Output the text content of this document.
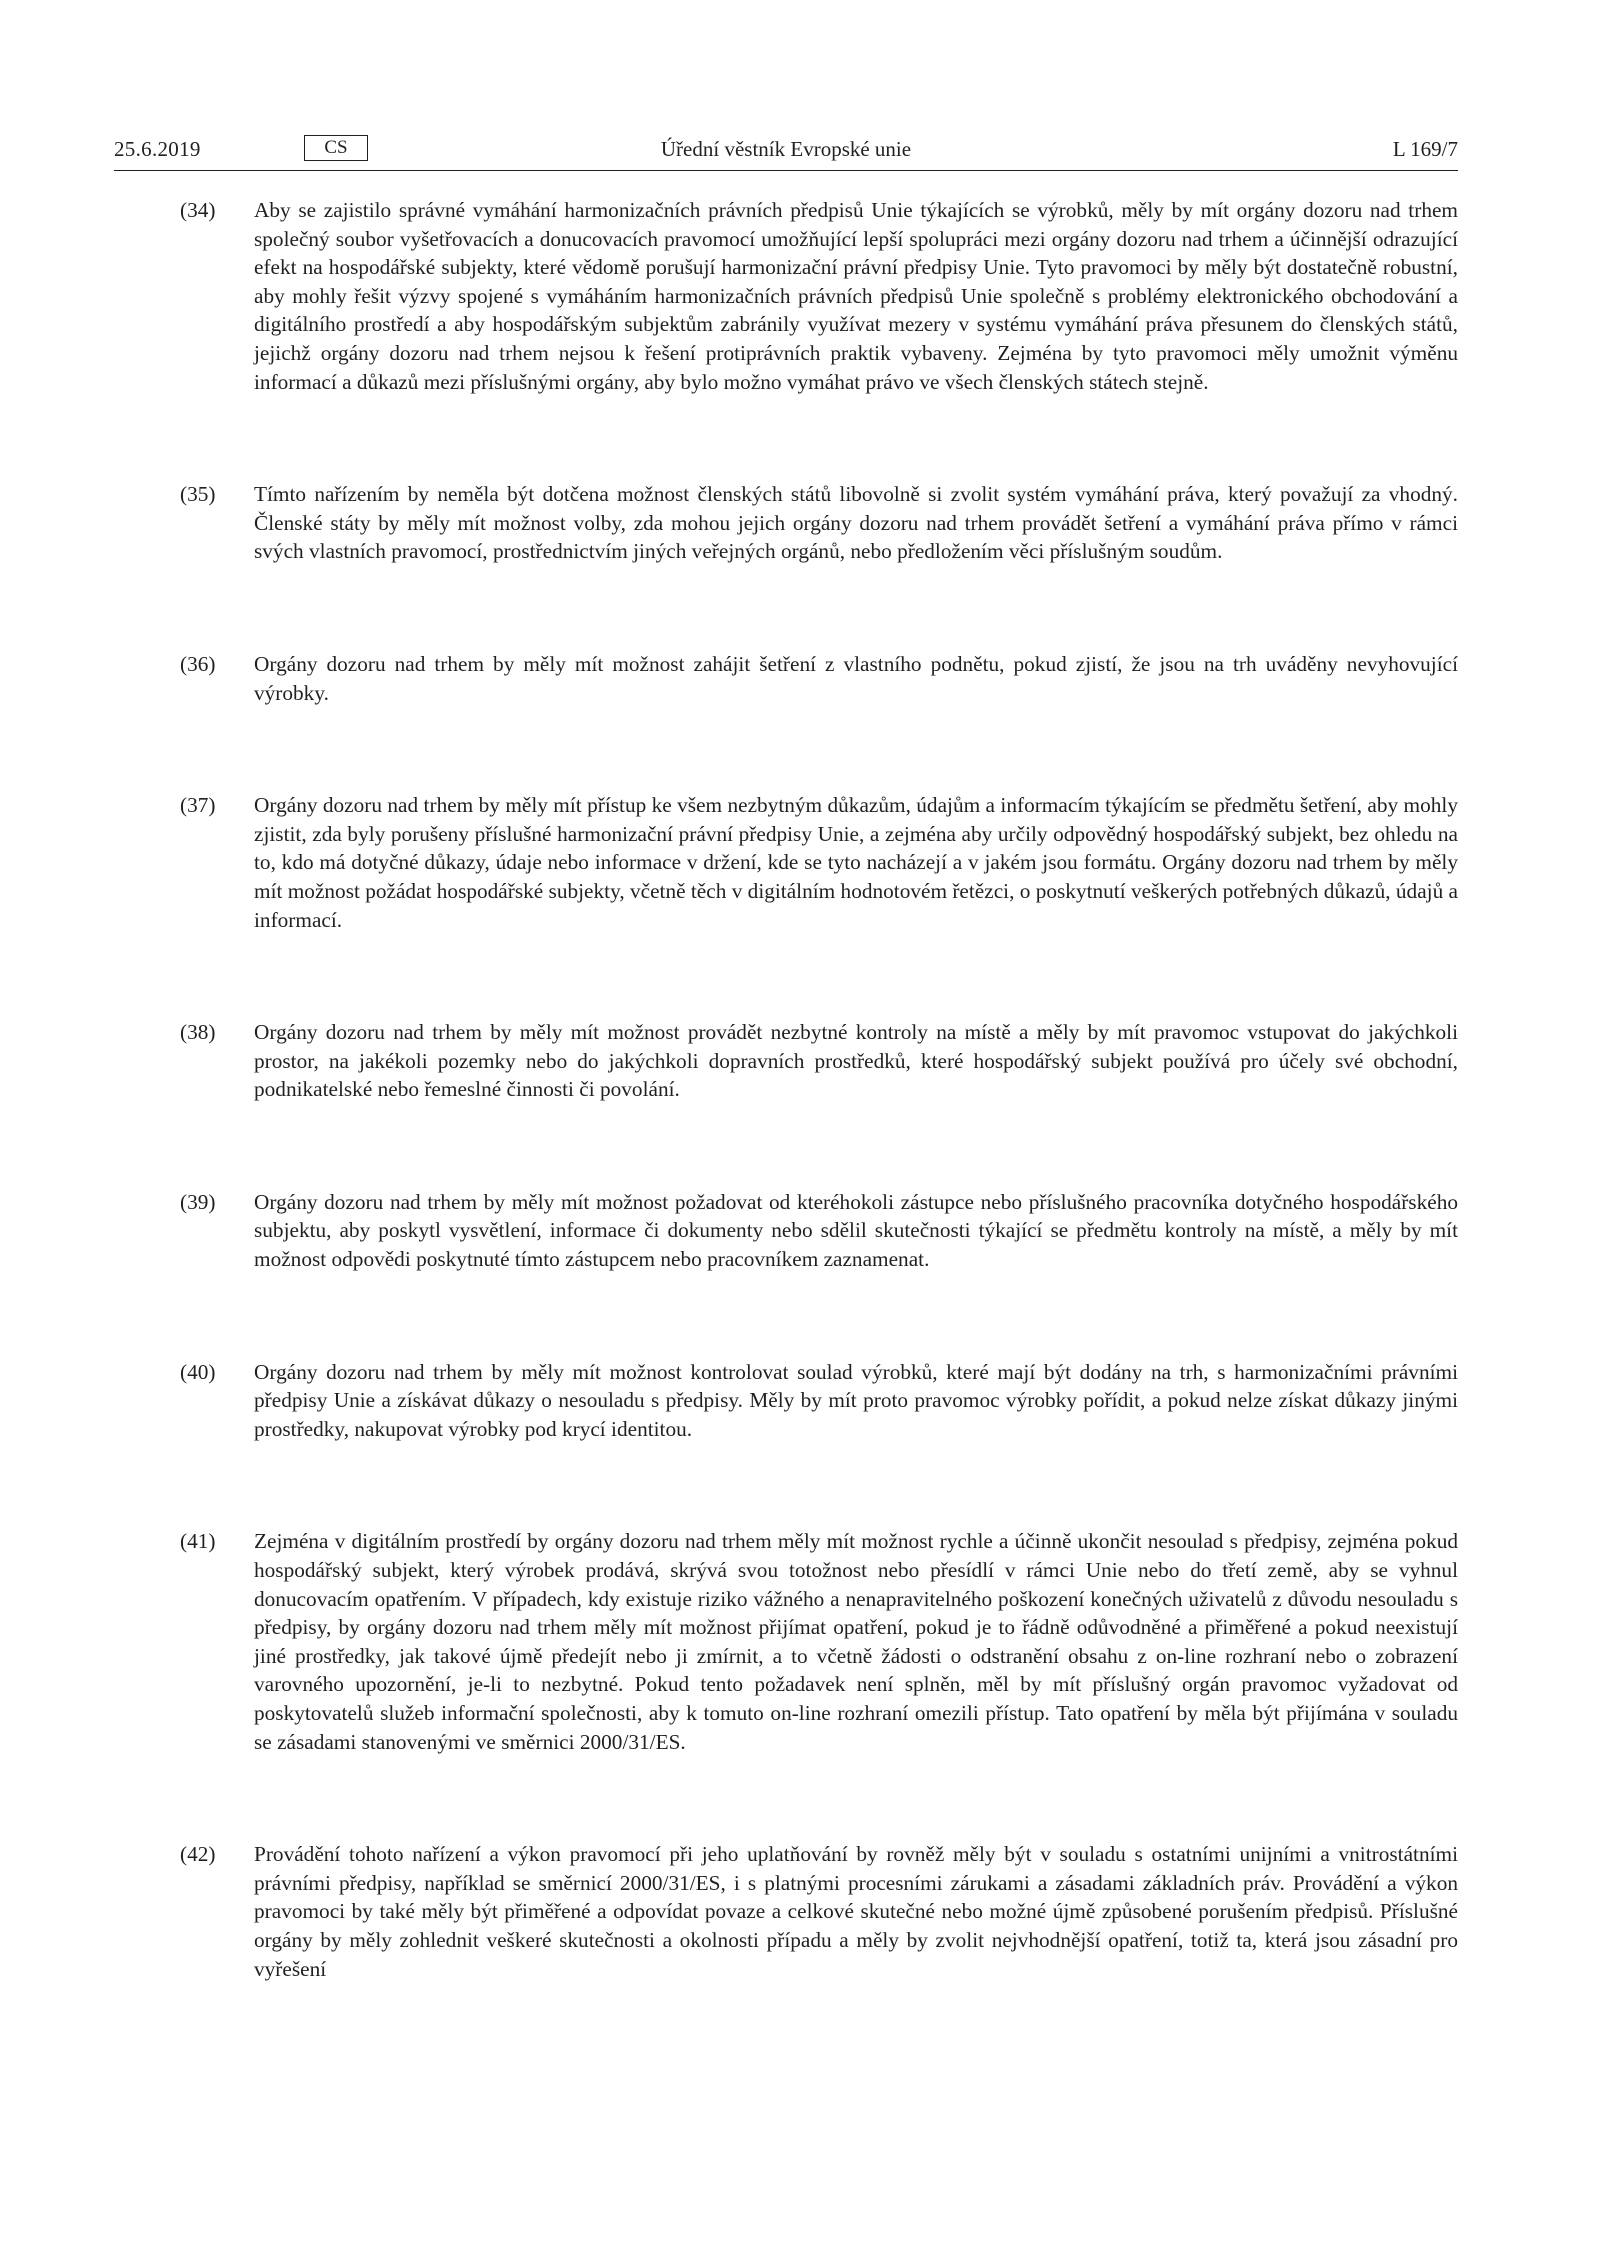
25.6.2019	CS	Úřední věstník Evropské unie	L 169/7
(34) Aby se zajistilo správné vymáhání harmonizačních právních předpisů Unie týkajících se výrobků, měly by mít orgány dozoru nad trhem společný soubor vyšetřovacích a donucovacích pravomocí umožňující lepší spolupráci mezi orgány dozoru nad trhem a účinnější odrazující efekt na hospodářské subjekty, které vědomě porušují harmonizační právní předpisy Unie. Tyto pravomoci by měly být dostatečně robustní, aby mohly řešit výzvy spojené s vymáháním harmonizačních právních předpisů Unie společně s problémy elektronického obchodování a digitálního prostředí a aby hospodářským subjektům zabránily využívat mezery v systému vymáhání práva přesunem do členských států, jejichž orgány dozoru nad trhem nejsou k řešení protiprávních praktik vybaveny. Zejména by tyto pravomoci měly umožnit výměnu informací a důkazů mezi příslušnými orgány, aby bylo možno vymáhat právo ve všech členských státech stejně.
(35) Tímto nařízením by neměla být dotčena možnost členských států libovolně si zvolit systém vymáhání práva, který považují za vhodný. Členské státy by měly mít možnost volby, zda mohou jejich orgány dozoru nad trhem provádět šetření a vymáhání práva přímo v rámci svých vlastních pravomocí, prostřednictvím jiných veřejných orgánů, nebo předložením věci příslušným soudům.
(36) Orgány dozoru nad trhem by měly mít možnost zahájit šetření z vlastního podnětu, pokud zjistí, že jsou na trh uváděny nevyhovující výrobky.
(37) Orgány dozoru nad trhem by měly mít přístup ke všem nezbytným důkazům, údajům a informacím týkajícím se předmětu šetření, aby mohly zjistit, zda byly porušeny příslušné harmonizační právní předpisy Unie, a zejména aby určily odpovědný hospodářský subjekt, bez ohledu na to, kdo má dotyčné důkazy, údaje nebo informace v držení, kde se tyto nacházejí a v jakém jsou formátu. Orgány dozoru nad trhem by měly mít možnost požádat hospodářské subjekty, včetně těch v digitálním hodnotovém řetězci, o poskytnutí veškerých potřebných důkazů, údajů a informací.
(38) Orgány dozoru nad trhem by měly mít možnost provádět nezbytné kontroly na místě a měly by mít pravomoc vstupovat do jakýchkoli prostor, na jakékoli pozemky nebo do jakýchkoli dopravních prostředků, které hospodářský subjekt používá pro účely své obchodní, podnikatelské nebo řemeslné činnosti či povolání.
(39) Orgány dozoru nad trhem by měly mít možnost požadovat od kteréhokoli zástupce nebo příslušného pracovníka dotyčného hospodářského subjektu, aby poskytl vysvětlení, informace či dokumenty nebo sdělil skutečnosti týkající se předmětu kontroly na místě, a měly by mít možnost odpovědi poskytnuté tímto zástupcem nebo pracovníkem zaznamenat.
(40) Orgány dozoru nad trhem by měly mít možnost kontrolovat soulad výrobků, které mají být dodány na trh, s harmonizačními právními předpisy Unie a získávat důkazy o nesouladu s předpisy. Měly by mít proto pravomoc výrobky pořídit, a pokud nelze získat důkazy jinými prostředky, nakupovat výrobky pod krycí identitou.
(41) Zejména v digitálním prostředí by orgány dozoru nad trhem měly mít možnost rychle a účinně ukončit nesoulad s předpisy, zejména pokud hospodářský subjekt, který výrobek prodává, skrývá svou totožnost nebo přesídlí v rámci Unie nebo do třetí země, aby se vyhnul donucovacím opatřením. V případech, kdy existuje riziko vážného a nenapravitelného poškození konečných uživatelů z důvodu nesouladu s předpisy, by orgány dozoru nad trhem měly mít možnost přijímat opatření, pokud je to řádně odůvodněné a přiměřené a pokud neexistují jiné prostředky, jak takové újmě předejít nebo ji zmírnit, a to včetně žádosti o odstranění obsahu z on-line rozhraní nebo o zobrazení varovného upozornění, je-li to nezbytné. Pokud tento požadavek není splněn, měl by mít příslušný orgán pravomoc vyžadovat od poskytovatelů služeb informační společnosti, aby k tomuto on-line rozhraní omezili přístup. Tato opatření by měla být přijímána v souladu se zásadami stanovenými ve směrnici 2000/31/ES.
(42) Provádění tohoto nařízení a výkon pravomocí při jeho uplatňování by rovněž měly být v souladu s ostatními unijními a vnitrostátními právními předpisy, například se směrnicí 2000/31/ES, i s platnými procesními zárukami a zásadami základních práv. Provádění a výkon pravomoci by také měly být přiměřené a odpovídat povaze a celkové skutečné nebo možné újmě způsobené porušením předpisů. Příslušné orgány by měly zohlednit veškeré skutečnosti a okolnosti případu a měly by zvolit nejvhodnější opatření, totiž ta, která jsou zásadní pro vyřešení
